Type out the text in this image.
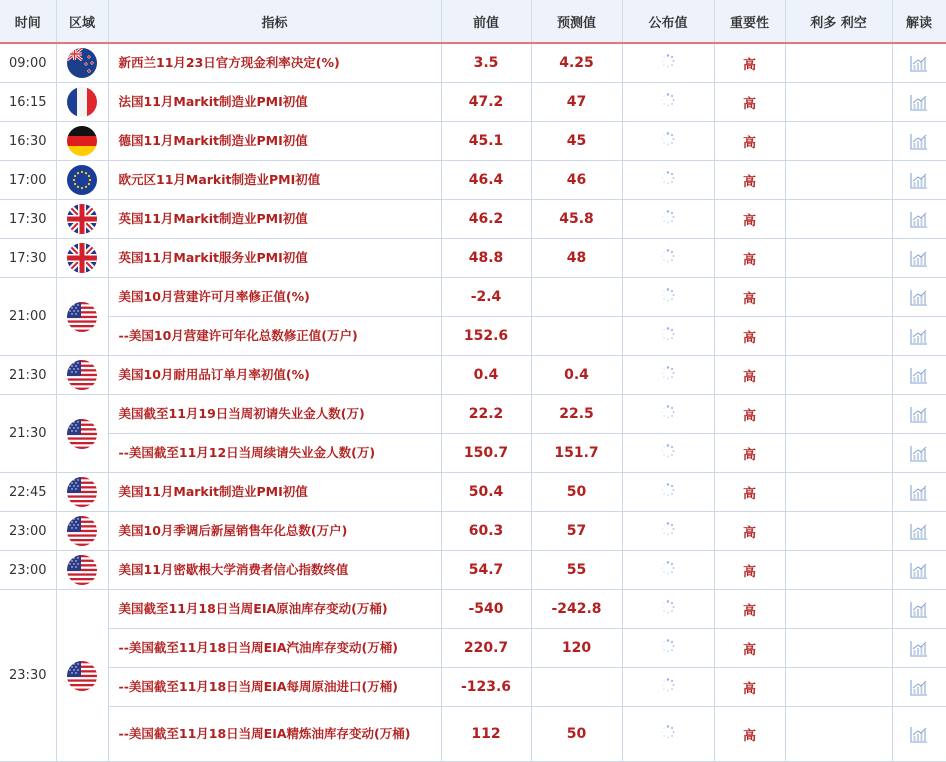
时间	区域	指标	前值	预测值	公布值	重要性	利多 利空	解读
09:00		新西兰11月23日官方现金利率决定(%)	3.5	4.25		高		
16:15		法国11月Markit制造业PMI初值	47.2	47		高		
16:30		德国11月Markit制造业PMI初值	45.1	45		高		
17:00		欧元区11月Markit制造业PMI初值	46.4	46		高		
17:30		英国11月Markit制造业PMI初值	46.2	45.8		高		
17:30		英国11月Markit服务业PMI初值	48.8	48		高		
21:00		美国10月营建许可月率修正值(%)	-2.4			高		
		--美国10月营建许可年化总数修正值(万户)	152.6			高		
21:30		美国10月耐用品订单月率初值(%)	0.4	0.4		高		
21:30		美国截至11月19日当周初请失业金人数(万)	22.2	22.5		高		
		--美国截至11月12日当周续请失业金人数(万)	150.7	151.7		高		
22:45		美国11月Markit制造业PMI初值	50.4	50		高		
23:00		美国10月季调后新屋销售年化总数(万户)	60.3	57		高		
23:00		美国11月密歇根大学消费者信心指数终值	54.7	55		高		
23:30		美国截至11月18日当周EIA原油库存变动(万桶)	-540	-242.8		高		
		--美国截至11月18日当周EIA汽油库存变动(万桶)	220.7	120		高		
		--美国截至11月18日当周EIA每周原油进口(万桶)	-123.6			高		
		--美国截至11月18日当周EIA精炼油库存变动(万桶)	112	50		高		
